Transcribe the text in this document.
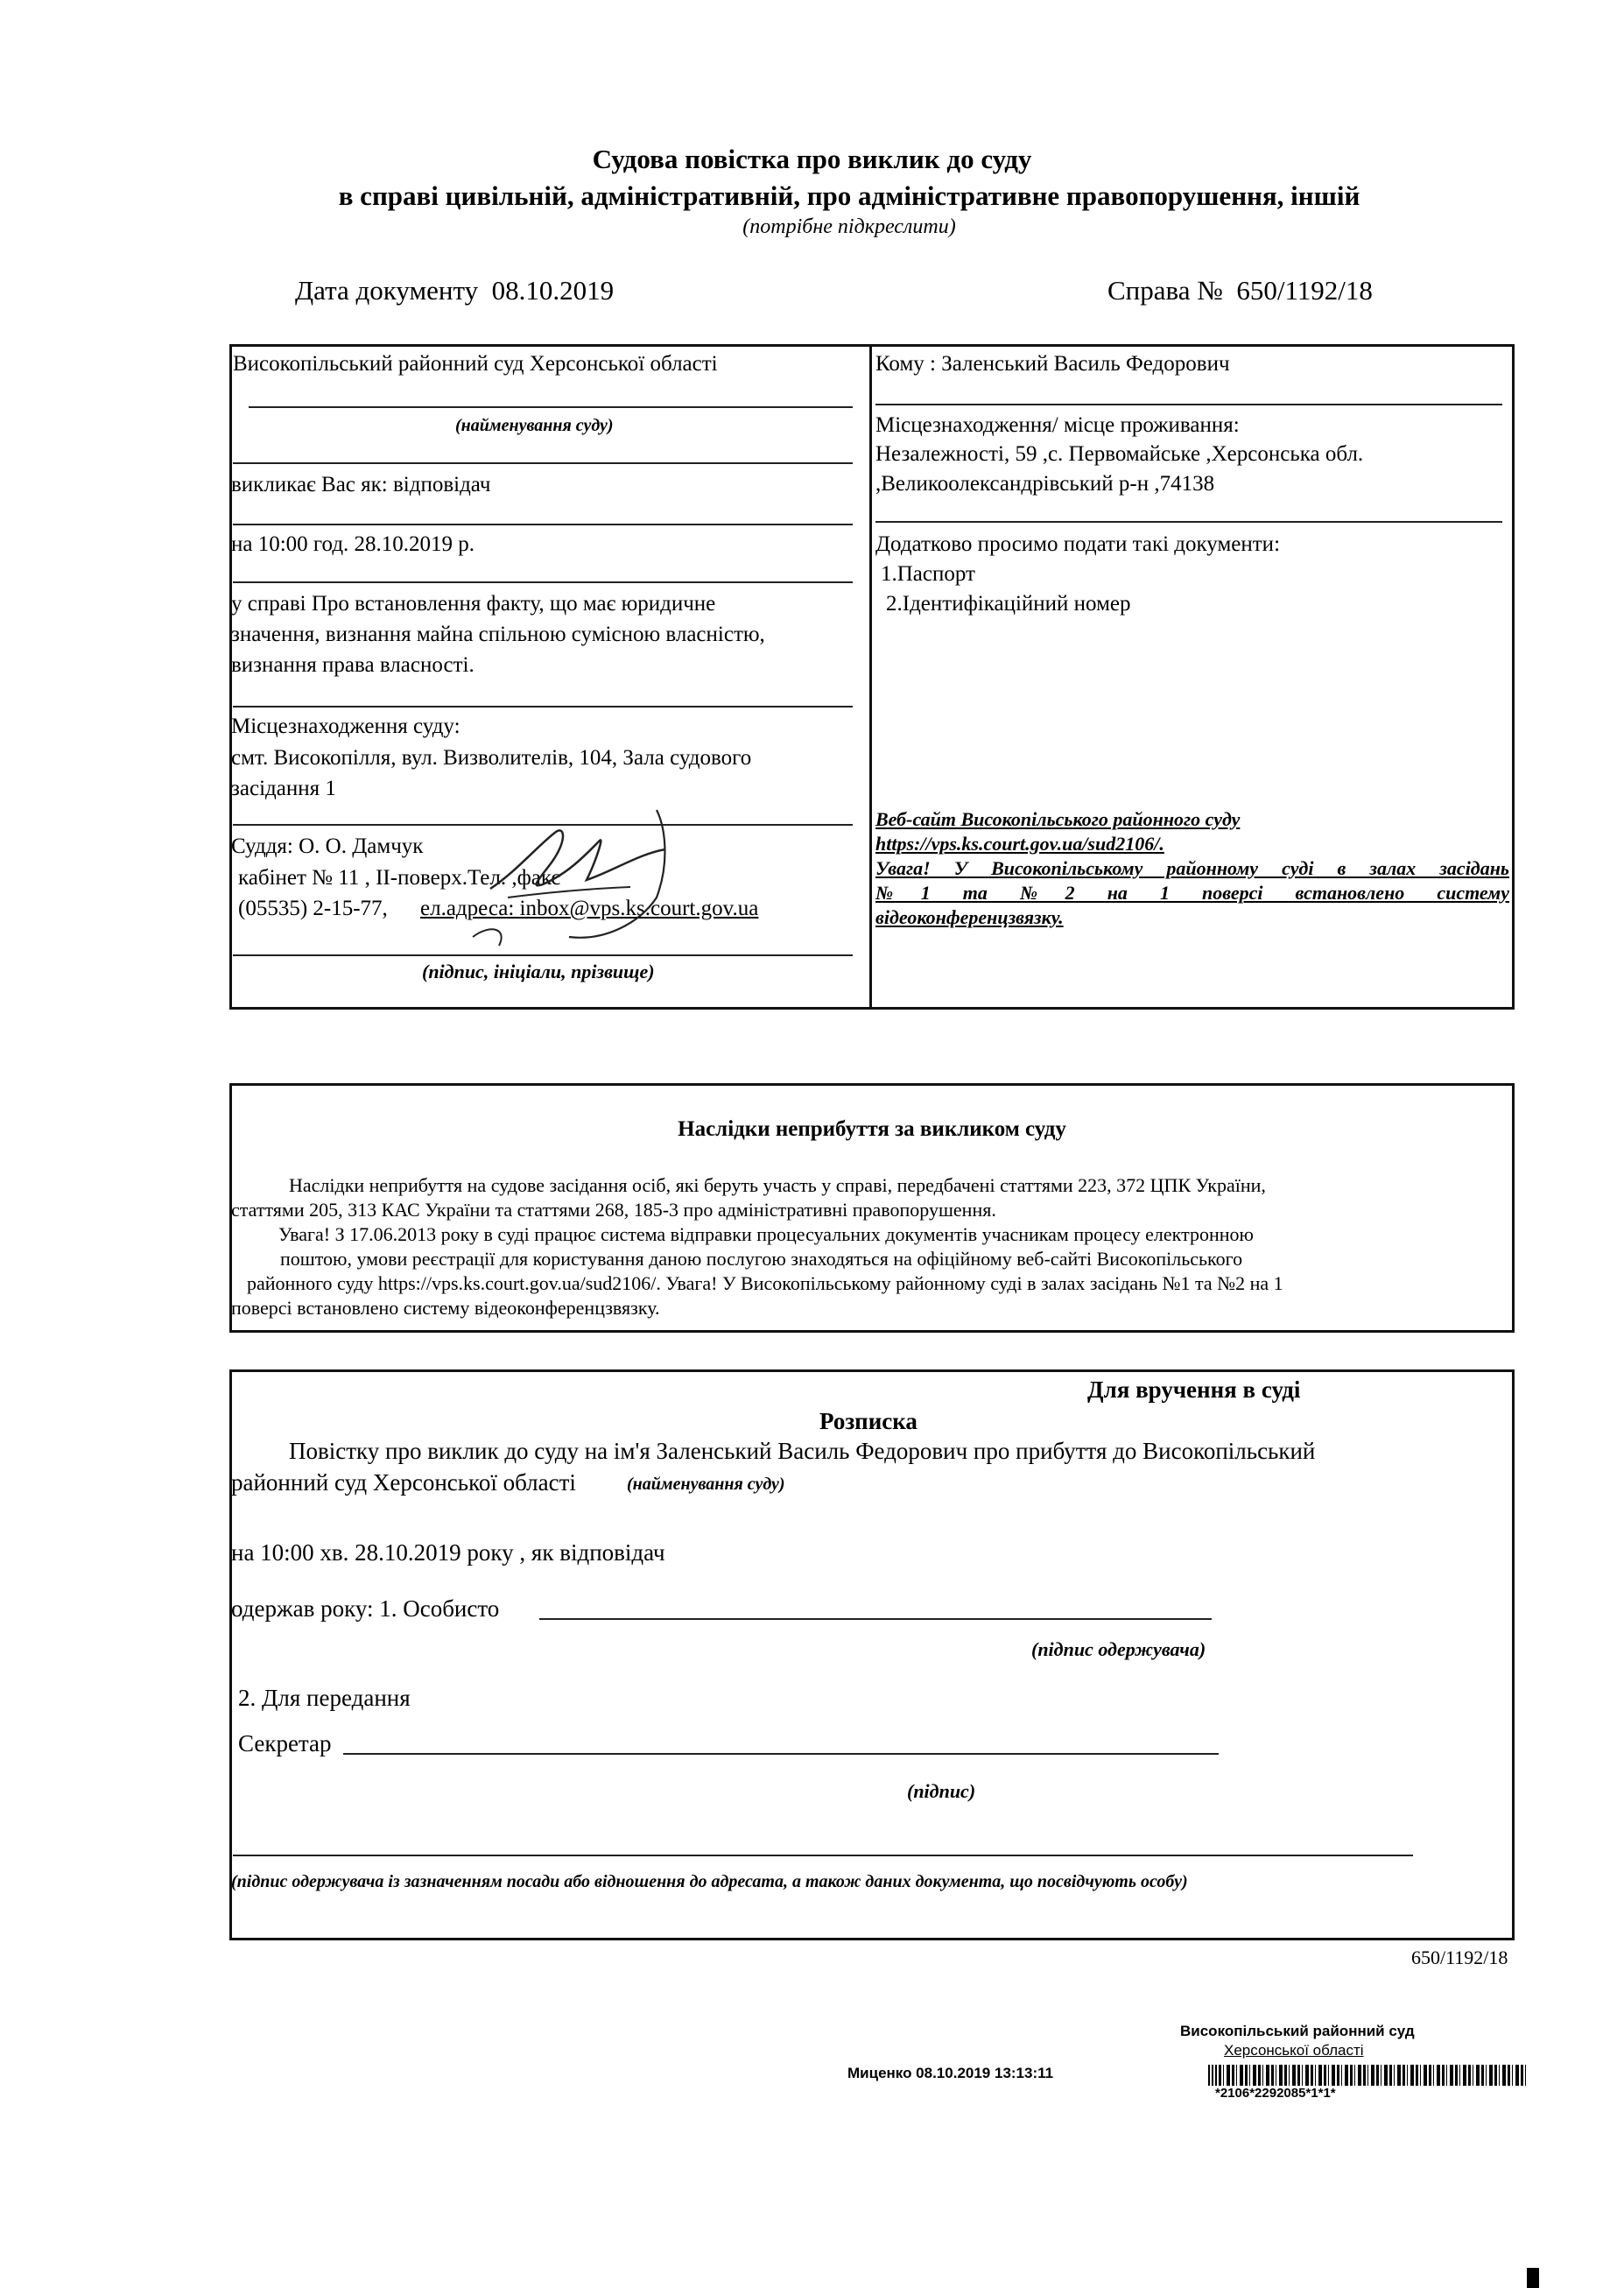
Судова повістка про виклик до суду
в справі цивільній, адміністративній, про адміністративне правопорушення, іншій
(потрібне підкреслити)
Дата документу 08.10.2019	Справа № 650/1192/18
Високопільський районний суд Херсонської області
(найменування суду)
викликає Вас як: відповідач
на 10:00 год. 28.10.2019 р.
у справі Про встановлення факту, що має юридичне
значення, визнання майна спільною сумісною власністю,
визнання права власності.
Місцезнаходження суду:
смт. Високопілля, вул. Визволителів, 104, Зала судового
засідання 1
Суддя: О. О. Дамчук
кабінет № 11 , II-поверх.Тел. ,факс
(05535) 2-15-77, ел.адреса: inbox@vps.ks.court.gov.ua
(підпис, ініціали, прізвище)
Кому : Заленський Василь Федорович
Місцезнаходження/ місце проживання:
Незалежності, 59 ,с. Первомайське ,Херсонська обл.
,Великоолександрівський р-н ,74138
Додатково просимо подати такі документи:
1.Паспорт
2.Ідентифікаційний номер
Веб-сайт Високопільського районного суду
https://vps.ks.court.gov.ua/sud2106/.
Увага! У Високопільському районному суді в залах засідань
№1 та №2 на 1 поверсі встановлено систему
відеоконференцзвязку.
Наслідки неприбуття за викликом суду
Наслідки неприбуття на судове засідання осіб, які беруть участь у справі, передбачені статтями 223, 372 ЦПК України,
статтями 205, 313 КАС України та статтями 268, 185-3 про адміністративні правопорушення.
Увага! З 17.06.2013 року в суді працює система відправки процесуальних документів учасникам процесу електронною
поштою, умови реєстрації для користування даною послугою знаходяться на офіційному веб-сайті Високопільського
районного суду https://vps.ks.court.gov.ua/sud2106/. Увага! У Високопільському районному суді в залах засідань №1 та №2 на 1
поверсі встановлено систему відеоконференцзвязку.
Для вручення в суді
Розписка
Повістку про виклик до суду на ім'я Заленський Василь Федорович про прибуття до Високопільський
районний суд Херсонської області	(найменування суду)
на 10:00 хв. 28.10.2019 року , як відповідач
одержав року: 1. Особисто
(підпис одержувача)
2. Для передання
Секретар
(підпис)
(підпис одержувача із зазначенням посади або відношення до адресата, а також даних документа, що посвідчують особу)
650/1192/18
Високопільський районний суд
Херсонської області
Миценко 08.10.2019 13:13:11
*2106*2292085*1*1*
